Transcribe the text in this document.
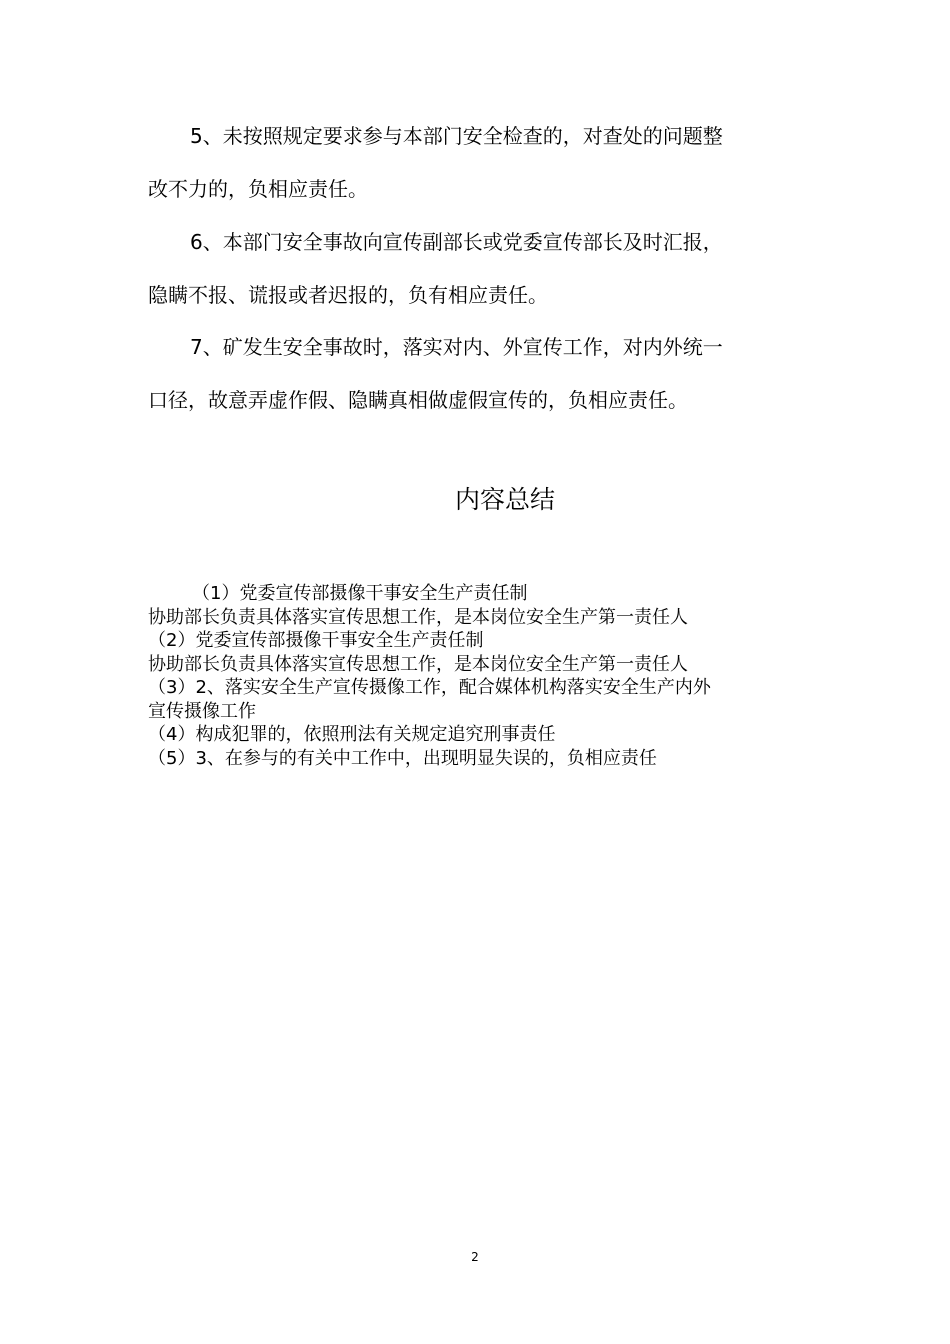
5、未按照规定要求参与本部门安全检查的，对查处的问题整
改不力的，负相应责任。
6、本部门安全事故向宣传副部长或党委宣传部长及时汇报，
隐瞒不报、谎报或者迟报的，负有相应责任。
7、矿发生安全事故时，落实对内、外宣传工作，对内外统一
口径，故意弄虚作假、隐瞒真相做虚假宣传的，负相应责任。
内容总结
（1）党委宣传部摄像干事安全生产责任制
协助部长负责具体落实宣传思想工作，是本岗位安全生产第一责任人
（2）党委宣传部摄像干事安全生产责任制
协助部长负责具体落实宣传思想工作，是本岗位安全生产第一责任人
（3）2、落实安全生产宣传摄像工作，配合媒体机构落实安全生产内外
宣传摄像工作
（4）构成犯罪的，依照刑法有关规定追究刑事责任
（5）3、在参与的有关中工作中，出现明显失误的，负相应责任
2
